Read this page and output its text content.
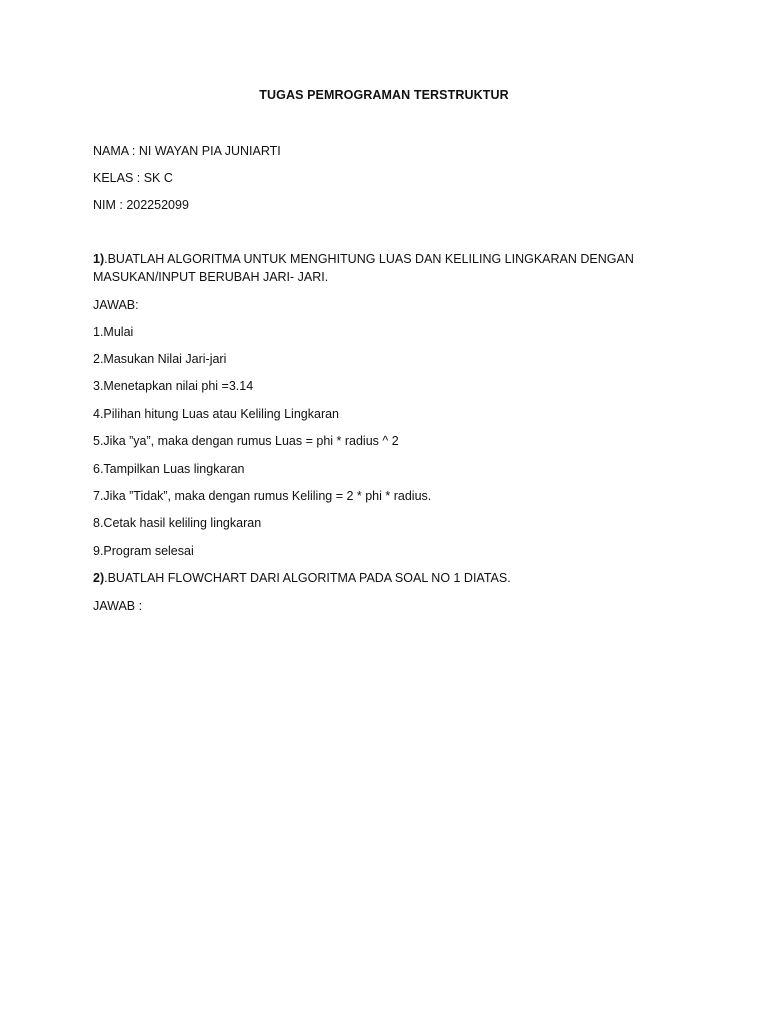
TUGAS PEMROGRAMAN TERSTRUKTUR
NAMA : NI WAYAN PIA JUNIARTI
KELAS : SK C
NIM : 202252099
1).BUATLAH ALGORITMA UNTUK MENGHITUNG LUAS DAN KELILING LINGKARAN DENGAN MASUKAN/INPUT BERUBAH JARI- JARI.
JAWAB:
1.Mulai
2.Masukan Nilai Jari-jari
3.Menetapkan nilai phi =3.14
4.Pilihan hitung Luas atau Keliling Lingkaran
5.Jika ”ya”, maka dengan rumus Luas = phi * radius ^ 2
6.Tampilkan Luas lingkaran
7.Jika ”Tidak”, maka dengan rumus Keliling = 2 * phi * radius.
8.Cetak hasil keliling lingkaran
9.Program selesai
2).BUATLAH FLOWCHART DARI ALGORITMA PADA SOAL NO 1 DIATAS.
JAWAB :
